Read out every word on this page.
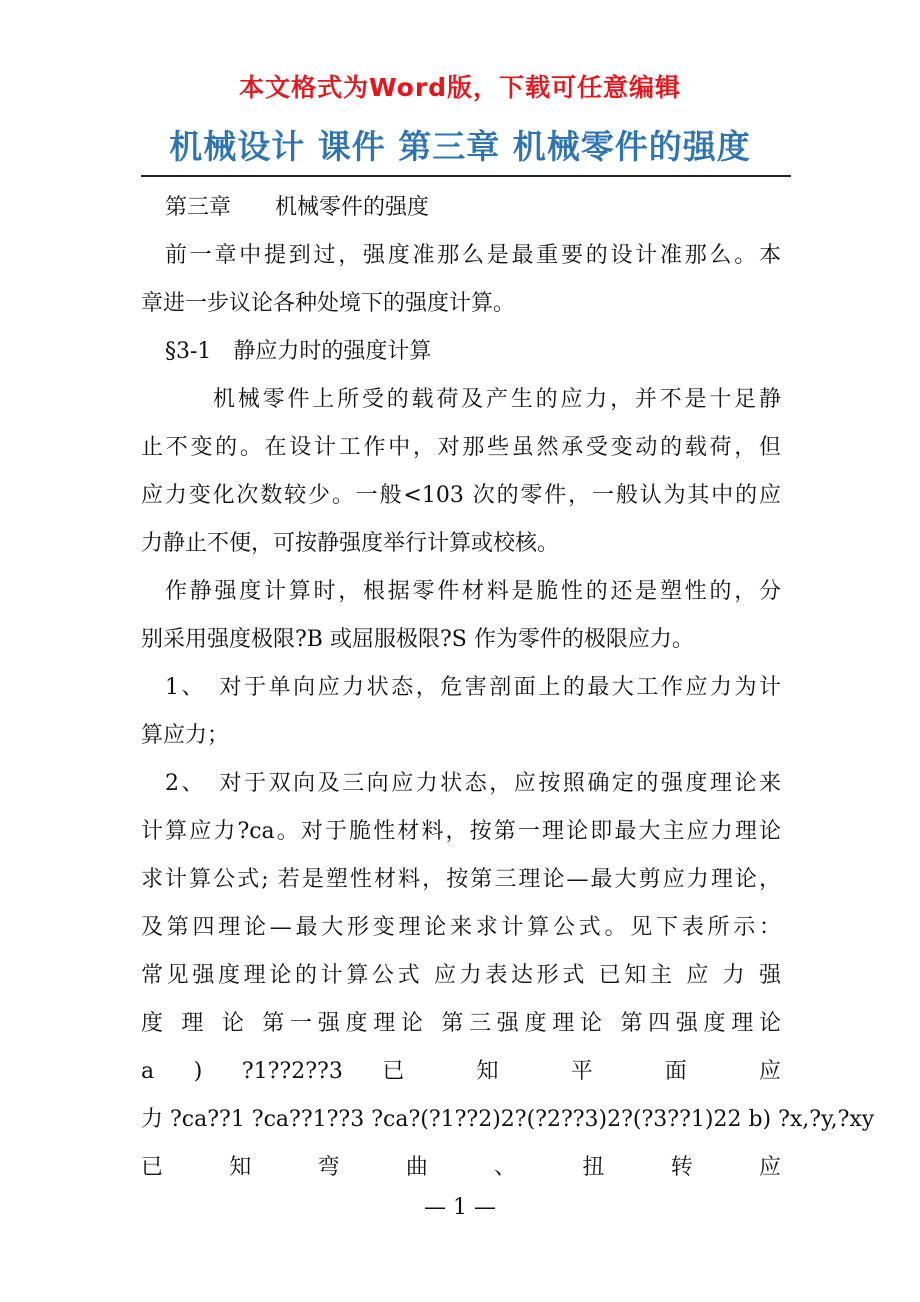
本文格式为Word版，下载可任意编辑
机械设计 课件 第三章 机械零件的强度
第三章　　机械零件的强度
前一章中提到过，强度准那么是最重要的设计准那么。本
章进一步议论各种处境下的强度计算。
§3-1　静应力时的强度计算
机械零件上所受的载荷及产生的应力，并不是十足静
止不变的。在设计工作中，对那些虽然承受变动的载荷，但
应力变化次数较少。一般<103 次的零件，一般认为其中的应
力静止不便，可按静强度举行计算或校核。
作静强度计算时，根据零件材料是脆性的还是塑性的，分
别采用强度极限?B 或屈服极限?S 作为零件的极限应力。
1、　对于单向应力状态，危害剖面上的最大工作应力为计
算应力；
2、　对于双向及三向应力状态，应按照确定的强度理论来
计算应力?ca。对于脆性材料，按第一理论即最大主应力理论
求计算公式; 若是塑性材料，按第三理论—最大剪应力理论，
及第四理论—最大形变理论来求计算公式。见下表所示：
常见强度理论的计算公式 应力表达形式 已知主 应 力 强
度 理 论 第一强度理论 第三强度理论 第四强度理论
a ) ?1??2??3 已 知 平 面 应
力 ?ca??1 ?ca??1??3 ?ca?(?1??2)2?(?2??3)2?(?3??1)22 b) ?x,?y,?xy
已 知 弯 曲 、 扭 转 应
— 1 —
